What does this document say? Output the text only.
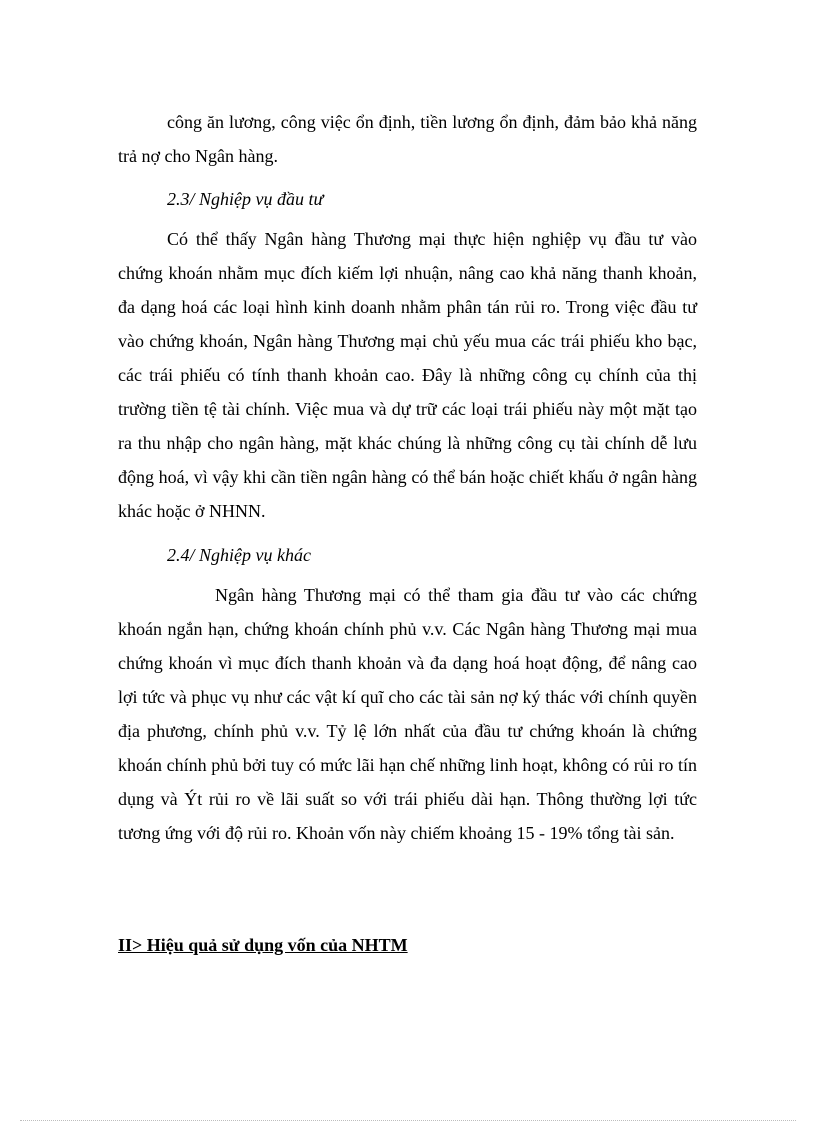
công ăn lương, công việc ổn định, tiền lương ổn định, đảm bảo khả năng trả nợ cho Ngân hàng.

2.3/ Nghiệp vụ đầu tư

Có thể thấy Ngân hàng Thương mại thực hiện nghiệp vụ đầu tư vào chứng khoán nhằm mục đích kiếm lợi nhuận, nâng cao khả năng thanh khoản, đa dạng hoá các loại hình kinh doanh nhằm phân tán rủi ro. Trong việc đầu tư vào chứng khoán, Ngân hàng Thương mại chủ yếu mua các trái phiếu kho bạc, các trái phiếu có tính thanh khoản cao. Đây là những công cụ chính của thị trường tiền tệ tài chính. Việc mua và dự trữ các loại trái phiếu này một mặt tạo ra thu nhập cho ngân hàng, mặt khác chúng là những công cụ tài chính dễ lưu động hoá, vì vậy khi cần tiền ngân hàng có thể bán hoặc chiết khấu ở ngân hàng khác hoặc ở NHNN.

2.4/ Nghiệp vụ khác

Ngân hàng Thương mại có thể tham gia đầu tư vào các chứng khoán ngắn hạn, chứng khoán chính phủ v.v. Các Ngân hàng Thương mại mua chứng khoán vì mục đích thanh khoản và đa dạng hoá hoạt động, để nâng cao lợi tức và phục vụ như các vật kí quĩ cho các tài sản nợ ký thác với chính quyền địa phương, chính phủ v.v. Tỷ lệ lớn nhất của đầu tư chứng khoán là chứng khoán chính phủ bởi tuy có mức lãi hạn chế những linh hoạt, không có rủi ro tín dụng và Ýt rủi ro về lãi suất so với trái phiếu dài hạn. Thông thường lợi tức tương ứng với độ rủi ro. Khoản vốn này chiếm khoảng 15 - 19% tổng tài sản.

II> Hiệu quả sử dụng vốn của NHTM
